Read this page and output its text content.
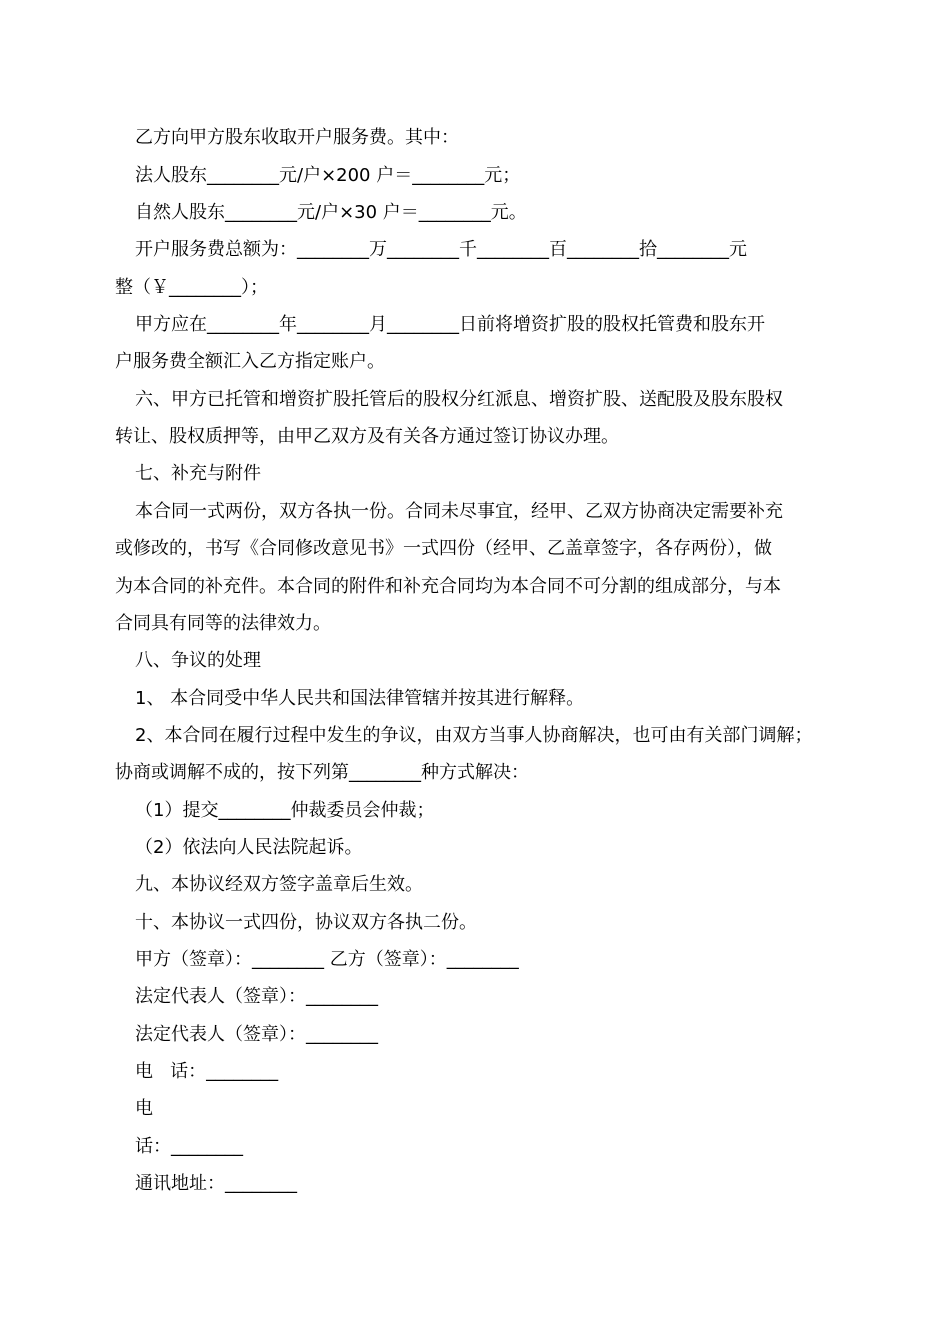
乙方向甲方股东收取开户服务费。其中：
法人股东________元/户×200 户＝________元；
自然人股东________元/户×30 户＝________元。
开户服务费总额为：________万________千________百________拾________元
整（￥________）；
甲方应在________年________月________日前将增资扩股的股权托管费和股东开
户服务费全额汇入乙方指定账户。
六、甲方已托管和增资扩股托管后的股权分红派息、增资扩股、送配股及股东股权
转让、股权质押等，由甲乙双方及有关各方通过签订协议办理。
七、补充与附件
本合同一式两份，双方各执一份。合同未尽事宜，经甲、乙双方协商决定需要补充
或修改的，书写《合同修改意见书》一式四份（经甲、乙盖章签字，各存两份），做
为本合同的补充件。本合同的附件和补充合同均为本合同不可分割的组成部分，与本
合同具有同等的法律效力。
八、争议的处理
1、 本合同受中华人民共和国法律管辖并按其进行解释。
2、本合同在履行过程中发生的争议，由双方当事人协商解决，也可由有关部门调解；
协商或调解不成的，按下列第________种方式解决：
（1）提交________仲裁委员会仲裁；
（2）依法向人民法院起诉。
九、本协议经双方签字盖章后生效。
十、本协议一式四份，协议双方各执二份。
甲方（签章）：________ 乙方（签章）：________
法定代表人（签章）：________
法定代表人（签章）：________
电   话：________
电
话：________
通讯地址：________
